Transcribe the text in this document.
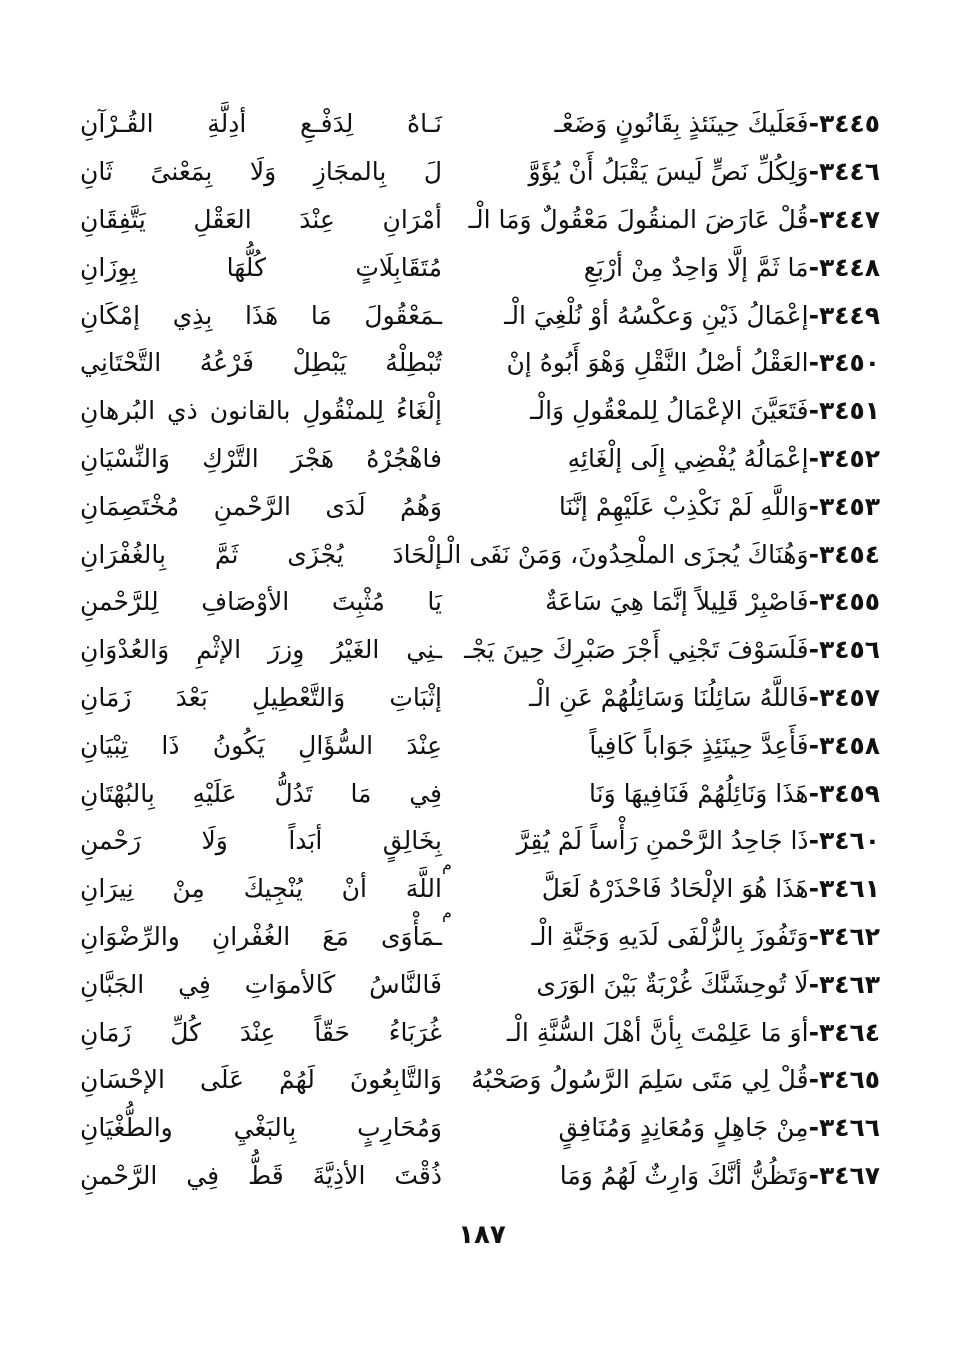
٣٤٤٥-فَعَلَيكَ حِينَئذٍ بِقَانُونٍ وَضَعْـ
نَـاهُ لِدَفْـعِ أدِلَّةِ القُـرْآنِ
٣٤٤٦-وَلِكُلِّ نَصٍّ لَيسَ يَقْبَلُ أَنْ يُؤَوَّ
لَ بِالمجَازِ وَلَا بِمَعْنىً ثَانِ
٣٤٤٧-قُلْ عَارَضَ المنقُولَ مَعْقُولٌ وَمَا الْـ
أمْرَانِ عِنْدَ العَقْلِ يَتَّفِقَانِ
٣٤٤٨-مَا ثَمَّ إلَّا وَاحِدٌ مِنْ أرْبَعِ
مُتَقَابِلَاتٍ كُلُّهَا بِوِزَانِ
٣٤٤٩-إعْمَالُ ذَيْنِ وَعكْسُهُ أوْ نُلْغِيَ الْـ
ـمَعْقُولَ مَا هَذَا بِذِي إمْكَانِ
٣٤٥٠-العَقْلُ أصْلُ النَّقْلِ وَهْوَ أَبُوهُ إنْ
تُبْطِلْهُ يَبْطِلْ فَرْعُهُ التَّحْتَانِي
٣٤٥١-فَتَعَيَّنَ الإعْمَالُ لِلمعْقُولِ وَالْـ
إلْغَاءُ لِلمنْقُولِ بالقانون ذي البُرهانِ
٣٤٥٢-إعْمَالُهُ يُفْضِي إِلَى إلْغَائِهِ
فاهْجُرْهُ هَجْرَ التَّرْكِ وَالنِّسْيَانِ
٣٤٥٣-وَاللَّهِ لَمْ نَكْذِبْ عَلَيْهِمْ إنَّنَا
وَهُمُ لَدَى الرَّحْمنِ مُخْتَصِمَانِ
٣٤٥٤-وَهُنَاكَ يُجزَى الملْحِدُونَ، وَمَنْ نَفَى الْـ
إلْحَادَ يُجْزَى ثَمَّ بِالغُفْرَانِ
٣٤٥٥-فَاصْبِرْ قَلِيلاً إنَّمَا هِيَ سَاعَةٌ
يَا مُثْبِتَ الأوْصَافِ لِلرَّحْمنِ
٣٤٥٦-فَلَسَوْفَ تَجْنِي أَجْرَ صَبْرِكَ حِينَ يَجْـ
ـنِي الغَيْرُ وِزرَ الإثْمِ وَالعُدْوَانِ
٣٤٥٧-فَاللَّهُ سَائِلُنَا وَسَائِلُهُمْ عَنِ الْـ
إثْبَاتِ وَالتَّعْطِيلِ بَعْدَ زَمَانِ
٣٤٥٨-فَأَعِدَّ حِينَئِذٍ جَوَاباً كَافِياً
عِنْدَ السُّؤَالِ يَكُونُ ذَا تِبْيَانِ
٣٤٥٩-هَذَا وَنَائِلُهُمْ فَنَافِيهَا وَنَا
فِي مَا تَدُلُّ عَلَيْهِ بِالبُهْتَانِ
٣٤٦٠-ذَا جَاحِدُ الرَّحْمنِ رَأْساً لَمْ يُقِرَّ
م
بِخَالِقٍ أبَداً وَلَا رَحْمنِ
٣٤٦١-هَذَا هُوَ الإلْحَادُ فَاحْذَرْهُ لَعَلَّ
م
اللَّهَ أنْ يُنْجِيكَ مِنْ نِيرَانِ
٣٤٦٢-وَتَفُوزَ بِالزُّلْفَى لَدَيهِ وَجَنَّةِ الْـ
ـمَأْوَى مَعَ الغُفْرانِ والرِّضْوَانِ
٣٤٦٣-لَا تُوحِشَنَّكَ غُرْبَةٌ بَيْنَ الوَرَى
فَالنَّاسُ كَالأموَاتِ فِي الجَبَّانِ
٣٤٦٤-أوَ مَا عَلِمْتَ بِأنَّ أهْلَ السُّنَّةِ الْـ
غُرَبَاءُ حَقّاً عِنْدَ كُلِّ زَمَانِ
٣٤٦٥-قُلْ لِي مَتَى سَلِمَ الرَّسُولُ وَصَحْبُهُ
وَالتَّابِعُونَ لَهُمْ عَلَى الإحْسَانِ
٣٤٦٦-مِنْ جَاهِلٍ وَمُعَانِدٍ وَمُنَافِقٍ
وَمُحَارِبٍ بِالبَغْيِ والطُّغْيَانِ
٣٤٦٧-وَتَظُنُّ أنَّكَ وَارِثٌ لَهُمُ وَمَا
ذُقْتَ الأذِيَّةَ قَطُّ فِي الرَّحْمنِ
١٨٧
